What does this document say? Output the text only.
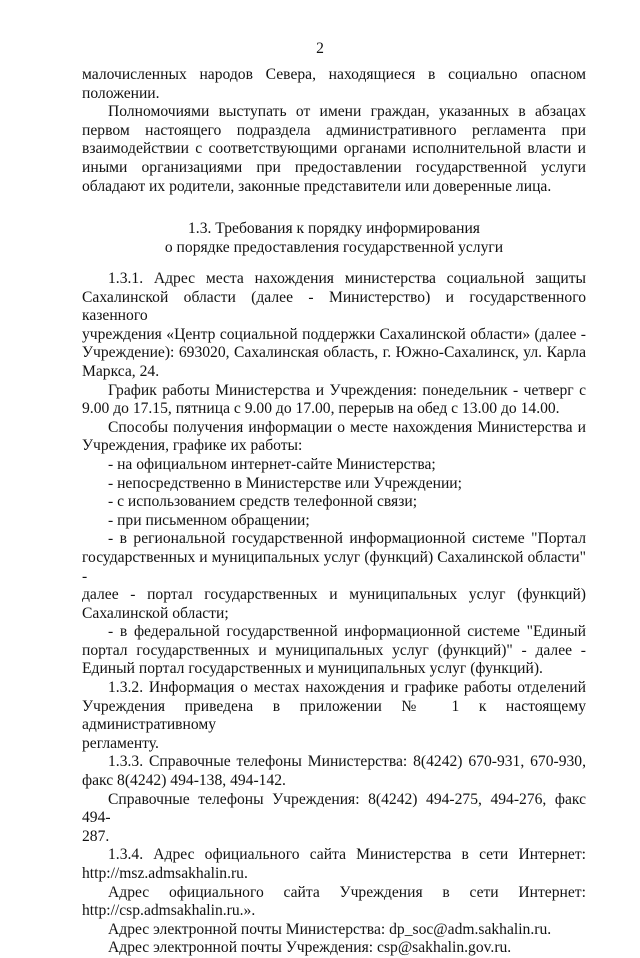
2

малочисленных народов Севера, находящиеся в социально опасном

положении.

Полномочиями выступать от имени граждан, указанных в абзацах

первом настоящего подраздела административного регламента при

взаимодействии с соответствующими органами исполнительной власти и

иными организациями при предоставлении государственной услуги

обладают их родители, законные представители или доверенные лица.

1.3. Требования к порядку информирования

о порядке предоставления государственной услуги

1.3.1. Адрес места нахождения министерства социальной защиты

Сахалинской области (далее - Министерство) и государственного казенного

учреждения «Центр социальной поддержки Сахалинской области» (далее -

Учреждение): 693020, Сахалинская область, г. Южно-Сахалинск, ул. Карла

Маркса, 24.

График работы Министерства и Учреждения: понедельник - четверг с

9.00 до 17.15, пятница с 9.00 до 17.00, перерыв на обед с 13.00 до 14.00.

Способы получения информации о месте нахождения Министерства и

Учреждения, графике их работы:

- на официальном интернет-сайте Министерства;

- непосредственно в Министерстве или Учреждении;

- с использованием средств телефонной связи;

- при письменном обращении;

- в региональной государственной информационной системе "Портал

государственных и муниципальных услуг (функций) Сахалинской области" -

далее - портал государственных и муниципальных услуг (функций)

Сахалинской области;

- в федеральной государственной информационной системе "Единый

портал государственных и муниципальных услуг (функций)" - далее -

Единый портал государственных и муниципальных услуг (функций).

1.3.2. Информация о местах нахождения и графике работы отделений

Учреждения приведена в приложении № 1 к настоящему административному

регламенту.

1.3.3. Справочные телефоны Министерства: 8(4242) 670-931, 670-930,

факс 8(4242) 494-138, 494-142.

Справочные телефоны Учреждения: 8(4242) 494-275, 494-276, факс 494-

287.

1.3.4. Адрес официального сайта Министерства в сети Интернет:

http://msz.admsakhalin.ru.

Адрес официального сайта Учреждения в сети Интернет:

http://csp.admsakhalin.ru.».

Адрес электронной почты Министерства: dp_soc@adm.sakhalin.ru.

Адрес электронной почты Учреждения: csp@sakhalin.gov.ru.
